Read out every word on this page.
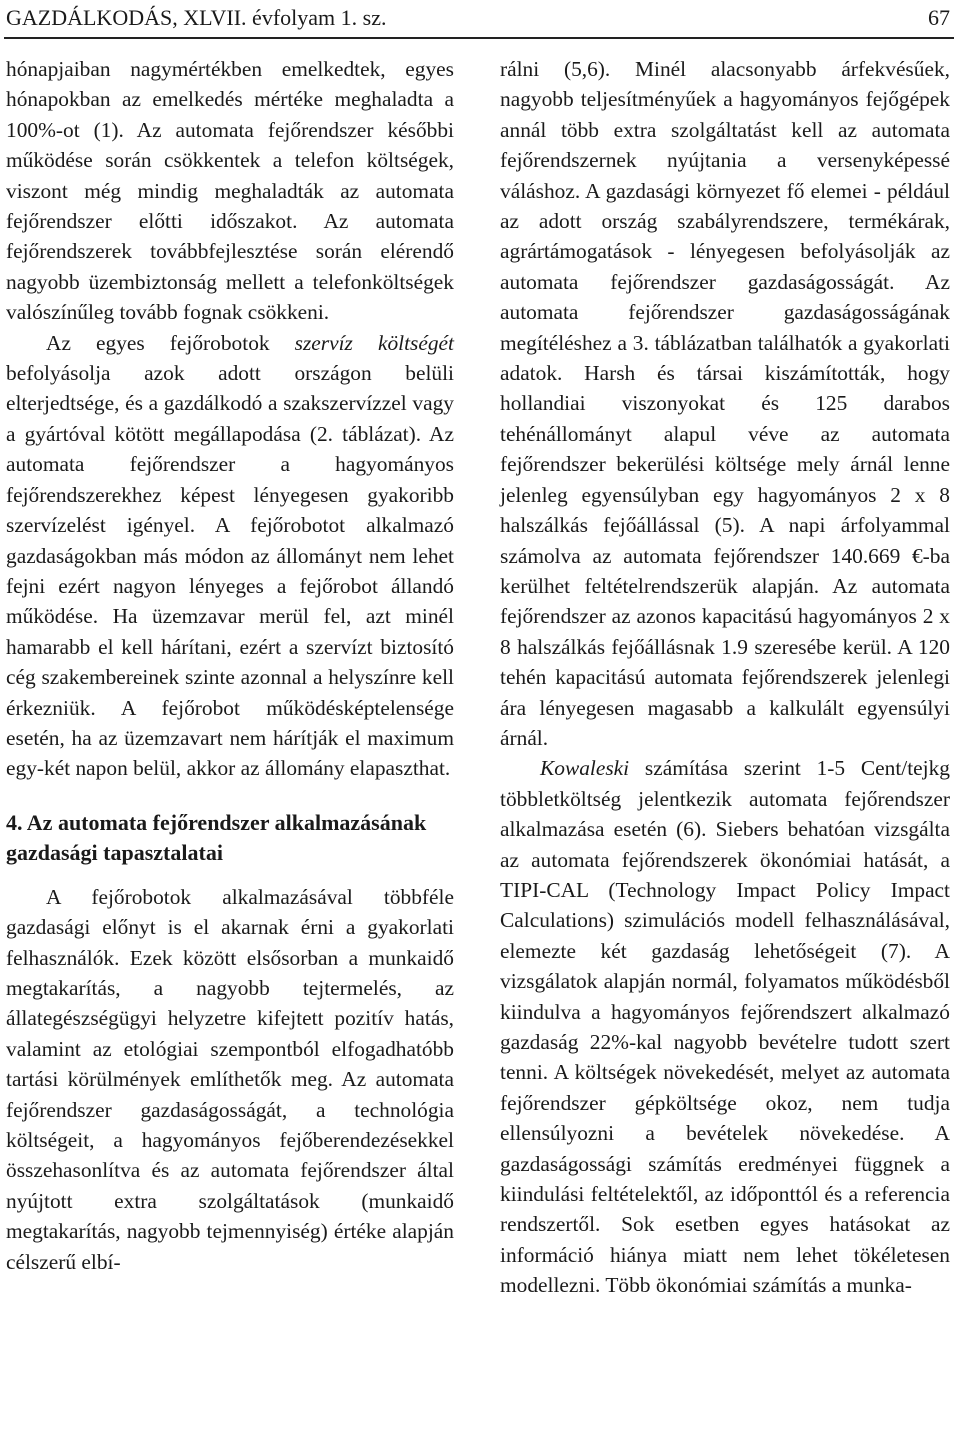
GAZDÁLKODÁS, XLVII. évfolyam 1. sz.	67

hónapjaiban nagymértékben emelkedtek, egyes hónapokban az emelkedés mértéke meghaladta a 100%-ot (1). Az automata fejőrendszer későbbi működése során csökkentek a telefon költségek, viszont még mindig meghaladták az automata fejőrendszer előtti időszakot. Az automata fejőrendszerek továbbfejlesztése során elérendő nagyobb üzembiztonság mellett a telefonköltségek valószínűleg tovább fognak csökkeni.

Az egyes fejőrobotok szervíz költségét befolyásolja azok adott országon belüli elterjedtsége, és a gazdálkodó a szakszervízzel vagy a gyártóval kötött megállapodása (2. táblázat). Az automata fejőrendszer a hagyományos fejőrendszerekhez képest lényegesen gyakoribb szervízelést igényel. A fejőrobotot alkalmazó gazdaságokban más módon az állományt nem lehet fejni ezért nagyon lényeges a fejőrobot állandó működése. Ha üzemzavar merül fel, azt minél hamarabb el kell hárítani, ezért a szervízt biztosító cég szakembereinek szinte azonnal a helyszínre kell érkezniük. A fejőrobot működésképtelensége esetén, ha az üzemzavart nem hárítják el maximum egy-két napon belül, akkor az állomány elapaszthat.

4. Az automata fejőrendszer alkalmazásának gazdasági tapasztalatai

A fejőrobotok alkalmazásával többféle gazdasági előnyt is el akarnak érni a gyakorlati felhasználók. Ezek között elsősorban a munkaidő megtakarítás, a nagyobb tejtermelés, az állategészségügyi helyzetre kifejtett pozitív hatás, valamint az etológiai szempontból elfogadhatóbb tartási körülmények említhetők meg. Az automata fejőrendszer gazdaságosságát, a technológia költségeit, a hagyományos fejőberendezésekkel összehasonlítva és az automata fejőrendszer által nyújtott extra szolgáltatások (munkaidő megtakarítás, nagyobb tejmennyiség) értéke alapján célszerű elbí-

rálni (5,6). Minél alacsonyabb árfekvésűek, nagyobb teljesítményűek a hagyományos fejőgépek annál több extra szolgáltatást kell az automata fejőrendszernek nyújtania a versenyképessé váláshoz. A gazdasági környezet fő elemei - például az adott ország szabályrendszere, termékárak, agrártámogatások - lényegesen befolyásolják az automata fejőrendszer gazdaságosságát. Az automata fejőrendszer gazdaságosságának megítéléshez a 3. táblázatban találhatók a gyakorlati adatok. Harsh és társai kiszámították, hogy hollandiai viszonyokat és 125 darabos tehénállományt alapul véve az automata fejőrendszer bekerülési költsége mely árnál lenne jelenleg egyensúlyban egy hagyományos 2 x 8 halszálkás fejőállással (5). A napi árfolyammal számolva az automata fejőrendszer 140.669 €-ba kerülhet feltételrendszerük alapján. Az automata fejőrendszer az azonos kapacitású hagyományos 2 x 8 halszálkás fejőállásnak 1.9 szeresébe kerül. A 120 tehén kapacitású automata fejőrendszerek jelenlegi ára lényegesen magasabb a kalkulált egyensúlyi árnál.

Kowaleski számítása szerint 1-5 Cent/tejkg többletköltség jelentkezik automata fejőrendszer alkalmazása esetén (6). Siebers behatóan vizsgálta az automata fejőrendszerek ökonómiai hatását, a TIPI-CAL (Technology Impact Policy Impact Calculations) szimulációs modell felhasználásával, elemezte két gazdaság lehetőségeit (7). A vizsgálatok alapján normál, folyamatos működésből kiindulva a hagyományos fejőrendszert alkalmazó gazdaság 22%-kal nagyobb bevételre tudott szert tenni. A költségek növekedését, melyet az automata fejőrendszer gépköltsége okoz, nem tudja ellensúlyozni a bevételek növekedése. A gazdaságossági számítás eredményei függnek a kiindulási feltételektől, az időponttól és a referencia rendszertől. Sok esetben egyes hatásokat az információ hiánya miatt nem lehet tökéletesen modellezni. Több ökonómiai számítás a munka-
